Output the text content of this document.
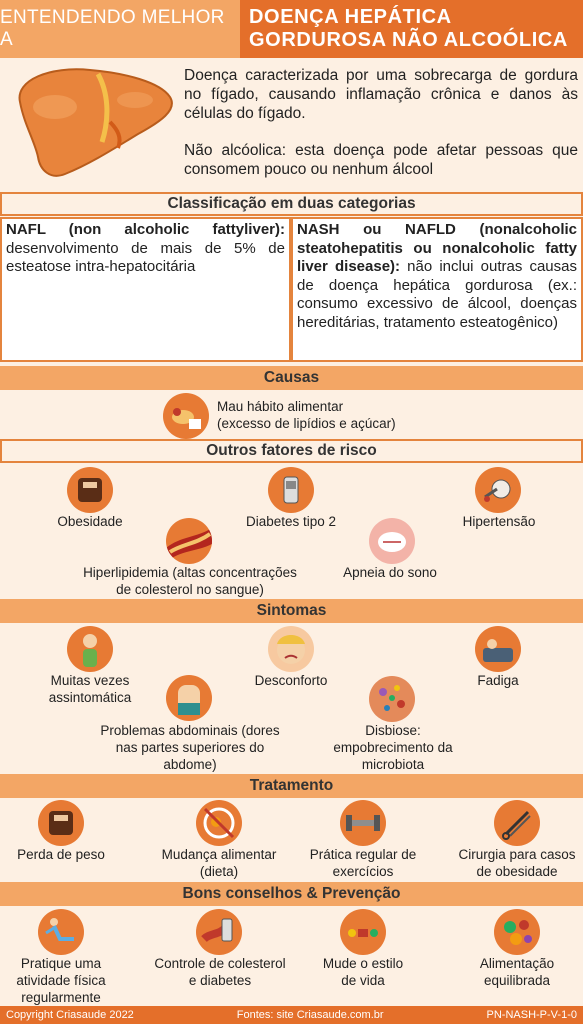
ENTENDENDO MELHOR A
DOENÇA HEPÁTICA
GORDUROSA NÃO ALCOÓLICA

Doença caracterizada por uma sobrecarga de gordura no fígado, causando inflamação crônica e danos às células do fígado.

Não alcóolica: esta doença pode afetar pessoas que consomem pouco ou nenhum álcool

Classificação em duas categorias
NAFL (non alcoholic fattyliver): desenvolvimento de mais de 5% de esteatose intra-hepatocitária
NASH ou NAFLD (nonalcoholic steatohepatitis ou nonalcoholic fatty liver disease): não inclui outras causas de doença hepática gordurosa (ex.: consumo excessivo de álcool, doenças hereditárias, tratamento esteatogênico)
Causas
Mau hábito alimentar
(excesso de lipídios e açúcar)
Outros fatores de risco
Obesidade	Diabetes tipo 2	Hipertensão
Hiperlipidemia (altas concentrações
de colesterol no sangue)
Apneia do sono
Sintomas
Muitas vezes
assintomática
Desconforto	Fadiga
Problemas abdominais (dores
nas partes superiores do
abdome)
Disbiose:
empobrecimento da
microbiota
Tratamento
Perda de peso	Mudança alimentar
(dieta)
Prática regular de
exercícios
Cirurgia para casos
de obesidade
Bons conselhos & Prevenção
Pratique uma
atividade física
regularmente
Controle de colesterol
e diabetes
Mude o estilo
de vida
Alimentação
equilibrada
Copyright Criasaude 2022	Fontes: site Criasaude.com.br	PN-NASH-P-V-1-0
